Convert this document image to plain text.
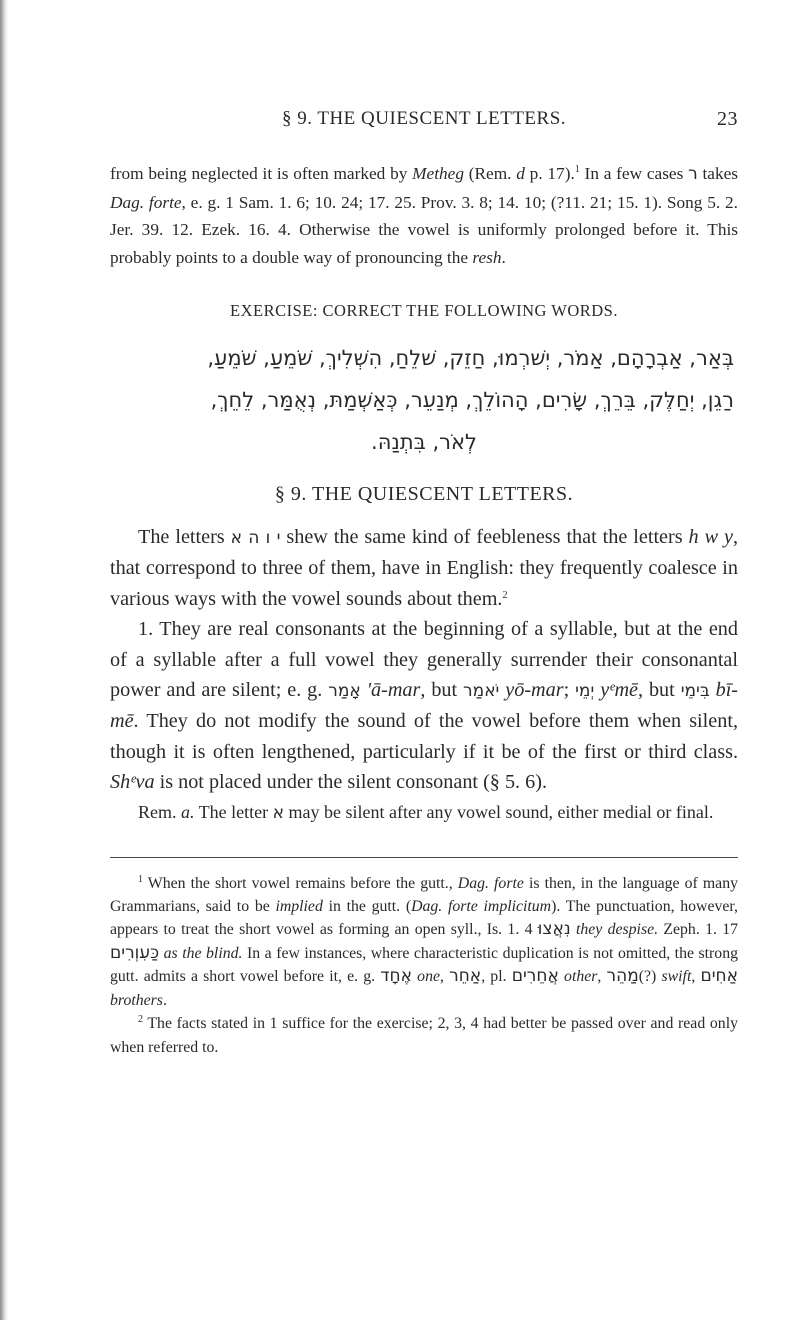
§ 9. THE QUIESCENT LETTERS.	23

from being neglected it is often marked by Metheg (Rem. d p. 17).$^1$ In a few cases ר takes Dag. forte, e. g. 1 Sam. 1. 6; 10. 24; 17. 25. Prov. 3. 8; 14. 10; (?11. 21; 15. 1). Song 5. 2. Jer. 39. 12. Ezek. 16. 4. Otherwise the vowel is uniformly prolonged before it. This probably points to a double way of pronouncing the resh.

EXERCISE: CORRECT THE FOLLOWING WORDS.

בְּאַר, אַבְרָהָם, אַמֹר, יְשׁרְמוּ, חַזֵק, שׁלֵחַ, הִשְׁלִיךְ, שֹׁמֵעַ, שֹׁמֵעַ,

רַגֵן, יְחַלֶּק, בֵּרֵךְ, שָׂרִים, הָהוֹלֵךְ, מְנַעֵר, כְּאַשְׁמַתּ, נְאֻמַּר, לֵחֵךְ,

לְאֹר, בִּתְנַהּ.

§ 9. THE QUIESCENT LETTERS.

The letters י ו ה א shew the same kind of feebleness that the letters h w y, that correspond to three of them, have in English: they frequently coalesce in various ways with the vowel sounds about them.$^2$

1. They are real consonants at the beginning of a syllable, but at the end of a syllable after a full vowel they generally surrender their consonantal power and are silent; e. g. אָמַר 'ā-mar, but יֹאמַר yō-mar; יְמֵי yᵉmē, but בִּימֵי bī-mē. They do not modify the sound of the vowel before them when silent, though it is often lengthened, particularly if it be of the first or third class. Shᵉva is not placed under the silent consonant (§ 5. 6).

Rem. a. The letter א may be silent after any vowel sound, either medial or final.

$^1$ When the short vowel remains before the gutt., Dag. forte is then, in the language of many Grammarians, said to be implied in the gutt. (Dag. forte implicitum). The punctuation, however, appears to treat the short vowel as forming an open syll., Is. 1. 4 נִאֲצוּ they despise. Zeph. 1. 17 כַּעִוְרִים as the blind. In a few instances, where characteristic duplication is not omitted, the strong gutt. admits a short vowel before it, e. g. אֶחָד one, אַחֵר, pl. אֲחֵרִים other, מַהֵר(?) swift, אַחִים brothers.

$^2$ The facts stated in 1 suffice for the exercise; 2, 3, 4 had better be passed over and read only when referred to.
